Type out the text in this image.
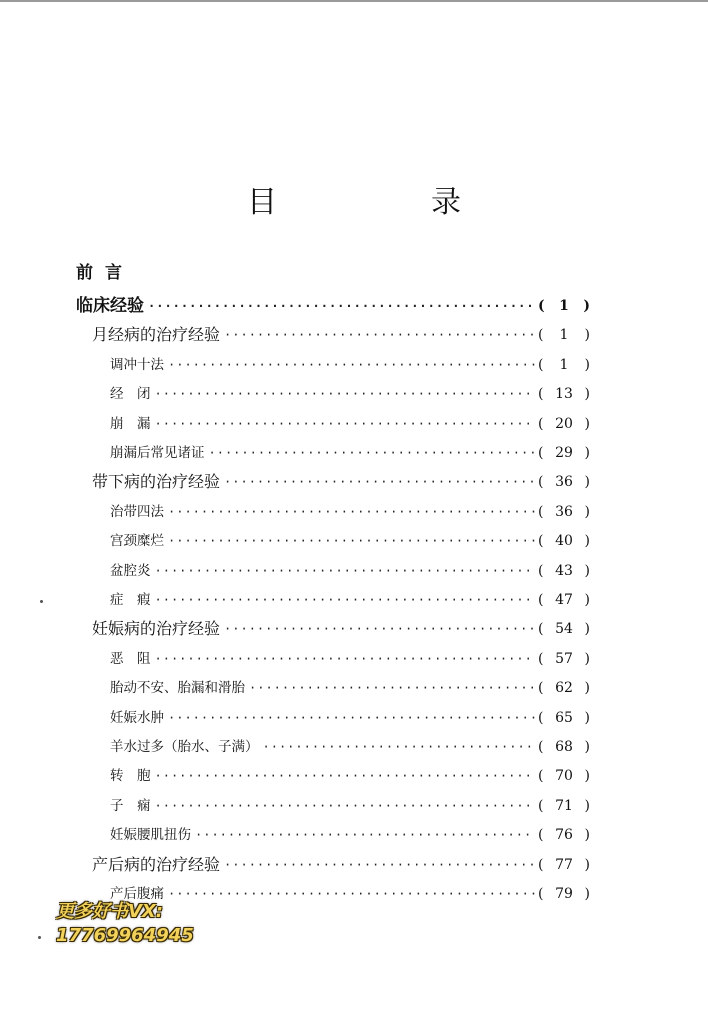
目　录
前言
临床经验 ·····	(	1	)
月经病的治疗经验 ·····	(	1	)
调冲十法 ·····	(	1	)
经　闭 ·····	( 13 )
崩　漏 ·····	( 20 )
崩漏后常见诸证 ·····	( 29 )
带下病的治疗经验 ·····	( 36 )
治带四法 ·····	( 36 )
宫颈糜烂 ·····	( 40 )
盆腔炎 ·····	( 43 )
症　瘕 ·····	( 47 )
妊娠病的治疗经验 ·····	( 54 )
恶　阻 ·····	( 57 )
胎动不安、胎漏和滑胎 ·····	( 62 )
妊娠水肿 ·····	( 65 )
羊水过多（胎水、子满） ·····	( 68 )
转　胞 ·····	( 70 )
子　痫 ·····	( 71 )
妊娠腰肌扭伤 ·····	( 76 )
产后病的治疗经验 ·····	( 77 )
产后腹痛 ·····	( 79 )
更多好书VX:
17769964945
